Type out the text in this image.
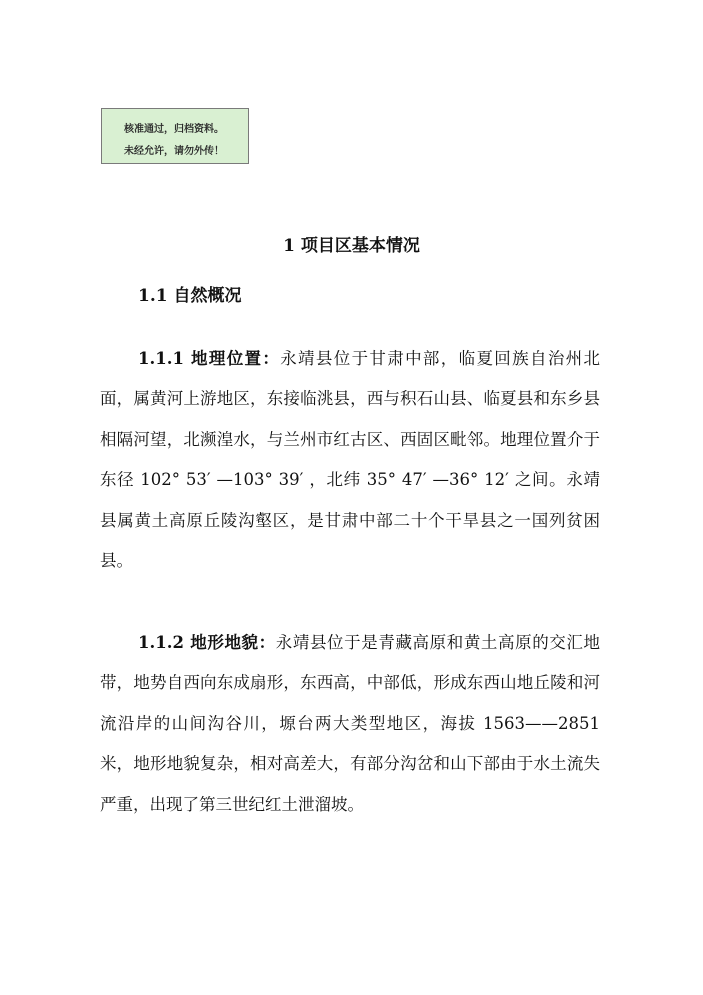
核准通过，归档资料。
未经允许，请勿外传！
1 项目区基本情况
1.1 自然概况

1.1.1 地理位置：永靖县位于甘肃中部，临夏回族自治州北面，属黄河上游地区，东接临洮县，西与积石山县、临夏县和东乡县相隔河望，北濒湟水，与兰州市红古区、西固区毗邻。地理位置介于东径 102° 53′ —103° 39′ ，北纬 35° 47′ —36° 12′ 之间。永靖县属黄土高原丘陵沟壑区，是甘肃中部二十个干旱县之一国列贫困县。

1.1.2 地形地貌：永靖县位于是青藏高原和黄土高原的交汇地带，地势自西向东成扇形，东西高，中部低，形成东西山地丘陵和河流沿岸的山间沟谷川，塬台两大类型地区，海拔 1563——2851 米，地形地貌复杂，相对高差大，有部分沟岔和山下部由于水土流失严重，出现了第三世纪红土泄溜坡。
